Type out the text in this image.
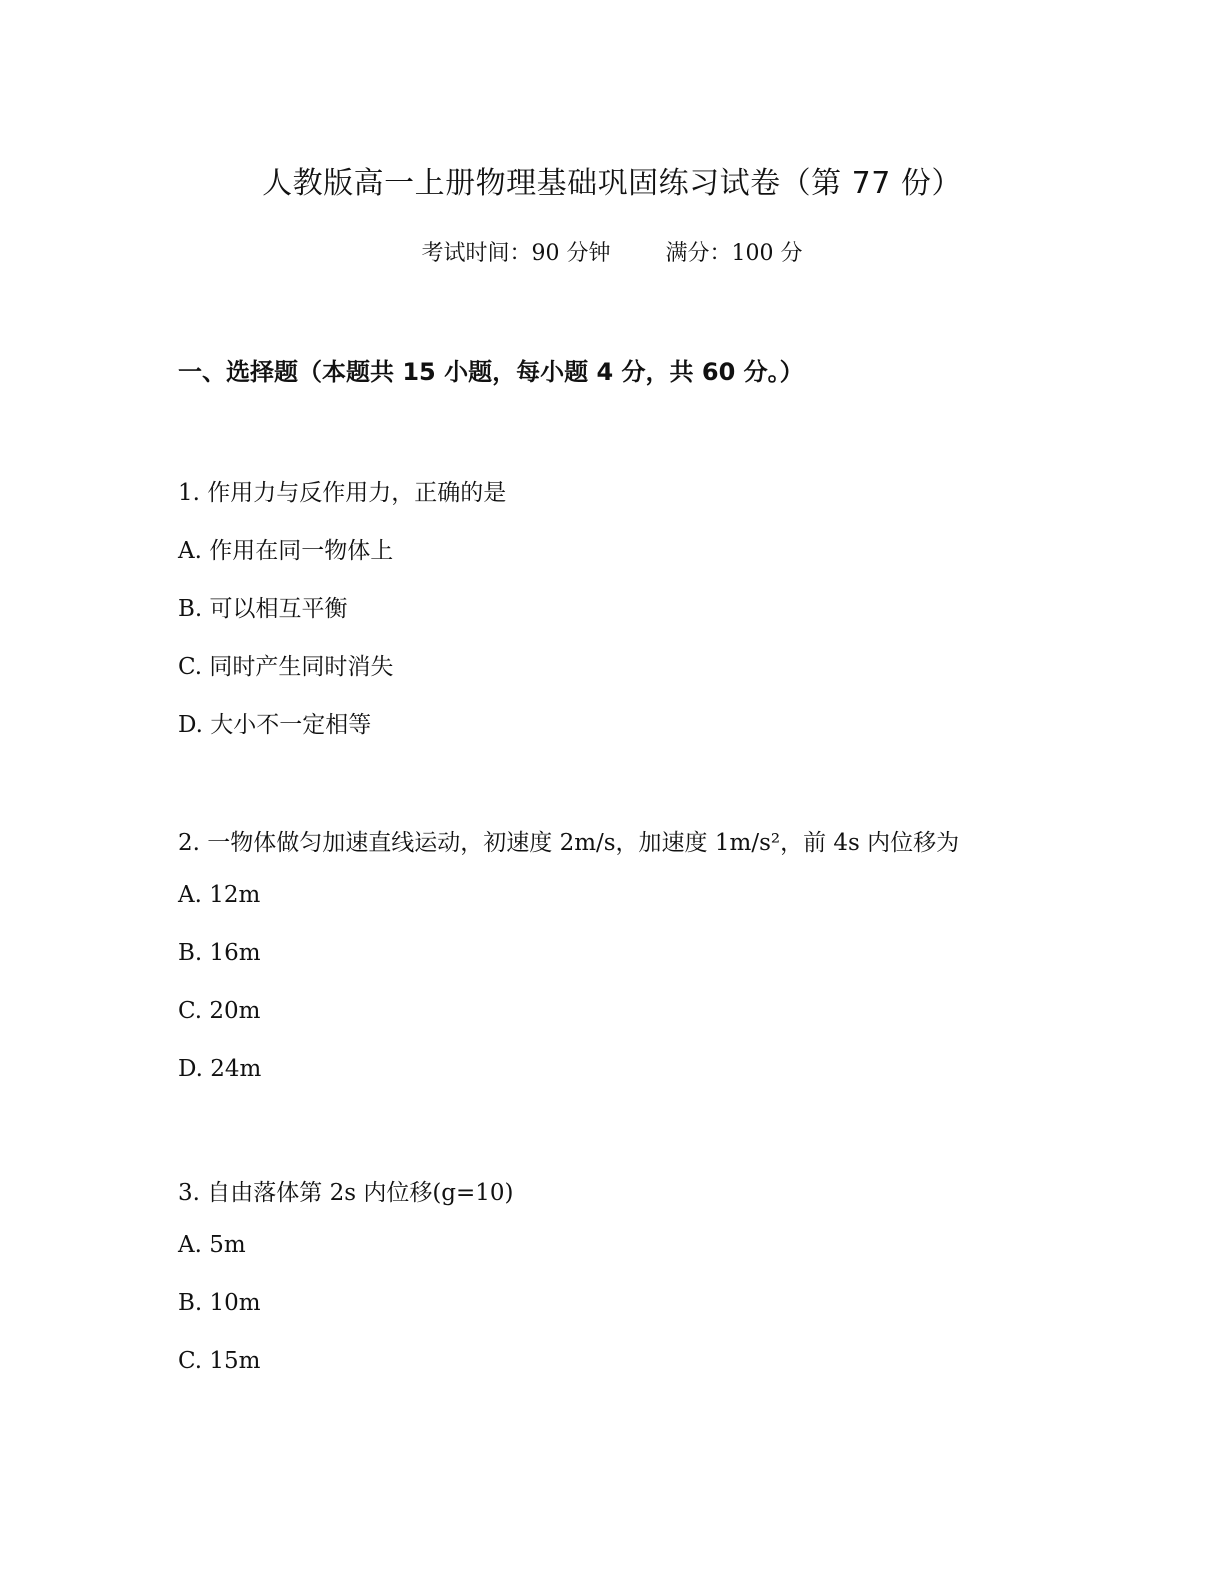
人教版高一上册物理基础巩固练习试卷（第 77 份）
考试时间：90 分钟	满分：100 分
一、选择题（本题共 15 小题，每小题 4 分，共 60 分。）
1. 作用力与反作用力，正确的是
A. 作用在同一物体上
B. 可以相互平衡
C. 同时产生同时消失
D. 大小不一定相等
2. 一物体做匀加速直线运动，初速度 2m/s，加速度 1m/s²，前 4s 内位移为
A. 12m
B. 16m
C. 20m
D. 24m
3. 自由落体第 2s 内位移(g=10)
A. 5m
B. 10m
C. 15m
